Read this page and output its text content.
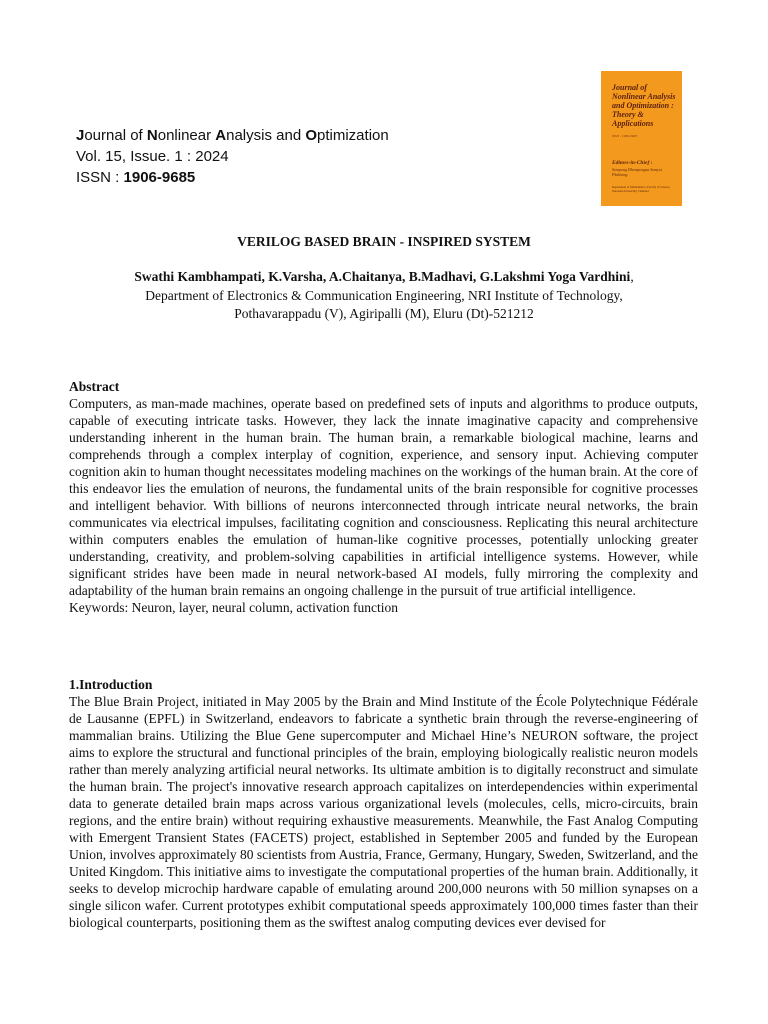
Journal of Nonlinear Analysis and Optimization
Vol. 15, Issue. 1 : 2024
ISSN : 1906-9685
Journal of Nonlinear Analysis and Optimization : Theory & Applications
ISSN : 1906-9685
Editors-in-Chief :
Sompong Dhompongsa Somyot Plubtieng
Department of Mathematics, Faculty of Science, Naresuan University, Thailand
VERILOG BASED BRAIN - INSPIRED SYSTEM
Swathi Kambhampati, K.Varsha, A.Chaitanya, B.Madhavi, G.Lakshmi Yoga Vardhini,
Department of Electronics & Communication Engineering, NRI Institute of Technology,
Pothavarappadu (V), Agiripalli (M), Eluru (Dt)-521212
Abstract
Computers, as man-made machines, operate based on predefined sets of inputs and algorithms to produce outputs, capable of executing intricate tasks. However, they lack the innate imaginative capacity and comprehensive understanding inherent in the human brain. The human brain, a remarkable biological machine, learns and comprehends through a complex interplay of cognition, experience, and sensory input. Achieving computer cognition akin to human thought necessitates modeling machines on the workings of the human brain. At the core of this endeavor lies the emulation of neurons, the fundamental units of the brain responsible for cognitive processes and intelligent behavior. With billions of neurons interconnected through intricate neural networks, the brain communicates via electrical impulses, facilitating cognition and consciousness. Replicating this neural architecture within computers enables the emulation of human-like cognitive processes, potentially unlocking greater understanding, creativity, and problem-solving capabilities in artificial intelligence systems. However, while significant strides have been made in neural network-based AI models, fully mirroring the complexity and adaptability of the human brain remains an ongoing challenge in the pursuit of true artificial intelligence.
Keywords: Neuron, layer, neural column, activation function
1.Introduction
The Blue Brain Project, initiated in May 2005 by the Brain and Mind Institute of the École Polytechnique Fédérale de Lausanne (EPFL) in Switzerland, endeavors to fabricate a synthetic brain through the reverse-engineering of mammalian brains. Utilizing the Blue Gene supercomputer and Michael Hine’s NEURON software, the project aims to explore the structural and functional principles of the brain, employing biologically realistic neuron models rather than merely analyzing artificial neural networks. Its ultimate ambition is to digitally reconstruct and simulate the human brain. The project's innovative research approach capitalizes on interdependencies within experimental data to generate detailed brain maps across various organizational levels (molecules, cells, micro-circuits, brain regions, and the entire brain) without requiring exhaustive measurements. Meanwhile, the Fast Analog Computing with Emergent Transient States (FACETS) project, established in September 2005 and funded by the European Union, involves approximately 80 scientists from Austria, France, Germany, Hungary, Sweden, Switzerland, and the United Kingdom. This initiative aims to investigate the computational properties of the human brain. Additionally, it seeks to develop microchip hardware capable of emulating around 200,000 neurons with 50 million synapses on a single silicon wafer. Current prototypes exhibit computational speeds approximately 100,000 times faster than their biological counterparts, positioning them as the swiftest analog computing devices ever devised for
